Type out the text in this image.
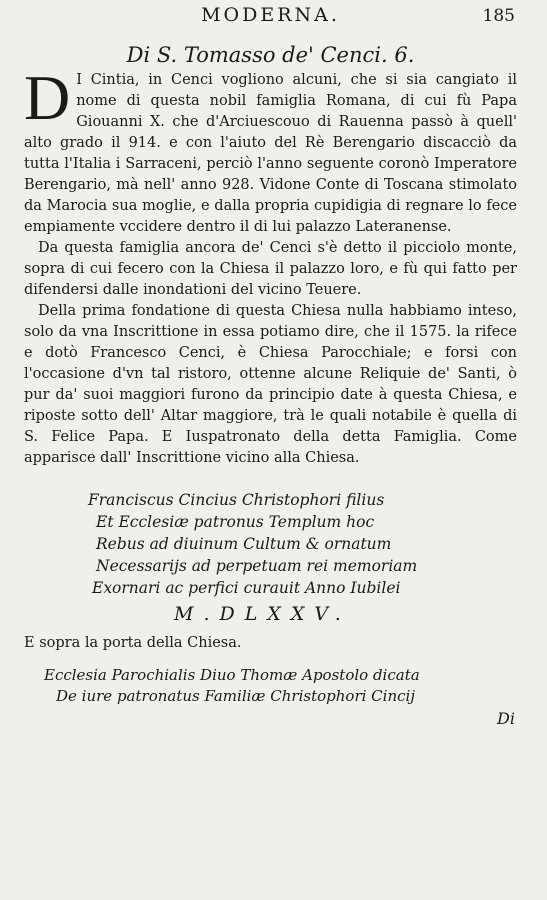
MODERNA.	185
Di S. Tomasso de' Cenci. 6.

D I Cintia, in Cenci vogliono alcuni, che si sia cangiato il nome di questa nobil famiglia Romana, di cui fù Papa Giouanni X. che d'Arciuescouo di Rauenna passò à quell' alto grado il 914. e con l'aiuto del Rè Berengario discacciò da tutta l'Italia i Sarraceni, perciò l'anno seguente coronò Imperatore Berengario, mà nell' anno 928. Vidone Conte di Toscana stimolato da Marocia sua moglie, e dalla propria cupidigia di regnare lo fece empiamente vccidere dentro il di lui palazzo Lateranense.

Da questa famiglia ancora de' Cenci s'è detto il picciolo monte, sopra di cui fecero con la Chiesa il palazzo loro, e fù qui fatto per difendersi dalle inondationi del vicino Teuere.

Della prima fondatione di questa Chiesa nulla habbiamo inteso, solo da vna Inscrittione in essa potiamo dire, che il 1575. la rifece e dotò Francesco Cenci, è Chiesa Parocchiale; e forsi con l'occasione d'vn tal ristoro, ottenne alcune Reliquie de' Santi, ò pur da' suoi maggiori furono da principio date à questa Chiesa, e riposte sotto dell' Altar maggiore, trà le quali notabile è quella di S. Felice Papa. E Iuspatronato della detta Famiglia. Come apparisce dall' Inscrittione vicino alla Chiesa.

Franciscus Cincius Christophori filius
Et Ecclesiæ patronus Templum hoc
Rebus ad diuinum Cultum & ornatum
Necessarijs ad perpetuam rei memoriam
Exornari ac perfici curauit Anno Iubilei
M.DLXXV.
E sopra la porta della Chiesa.
Ecclesia Parochialis Diuo Thomæ Apostolo dicata
De iure patronatus Familiæ Christophori Cincij
Di
